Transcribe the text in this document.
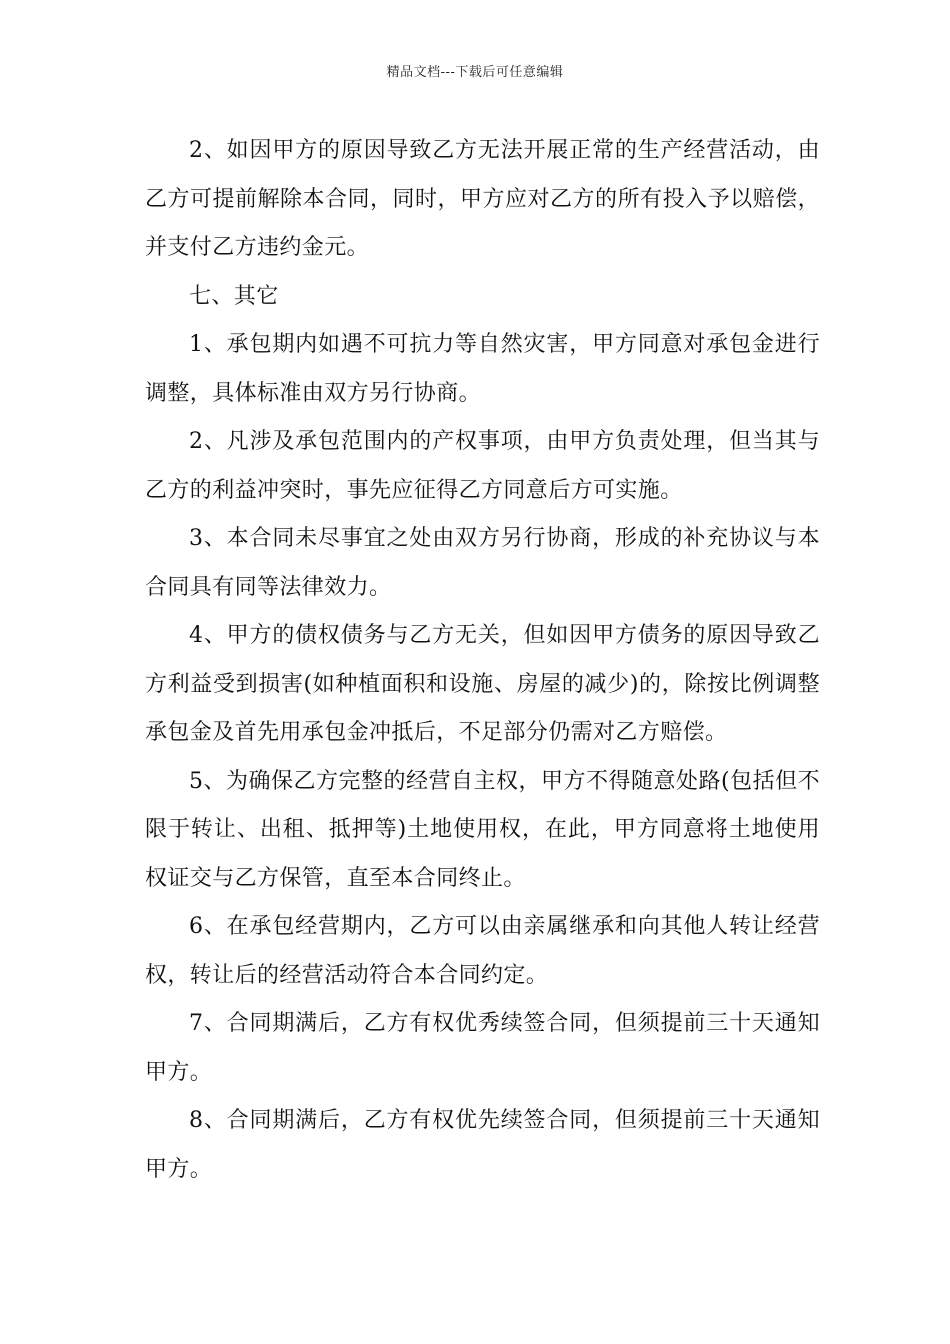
精品文档---下载后可任意编辑

2、如因甲方的原因导致乙方无法开展正常的生产经营活动，由乙方可提前解除本合同，同时，甲方应对乙方的所有投入予以赔偿，并支付乙方违约金元。

七、其它

1、承包期内如遇不可抗力等自然灾害，甲方同意对承包金进行调整，具体标准由双方另行协商。

2、凡涉及承包范围内的产权事项，由甲方负责处理，但当其与乙方的利益冲突时，事先应征得乙方同意后方可实施。

3、本合同未尽事宜之处由双方另行协商，形成的补充协议与本合同具有同等法律效力。

4、甲方的债权债务与乙方无关，但如因甲方债务的原因导致乙方利益受到损害(如种植面积和设施、房屋的减少)的，除按比例调整承包金及首先用承包金冲抵后，不足部分仍需对乙方赔偿。

5、为确保乙方完整的经营自主权，甲方不得随意处路(包括但不限于转让、出租、抵押等)土地使用权，在此，甲方同意将土地使用权证交与乙方保管，直至本合同终止。

6、在承包经营期内，乙方可以由亲属继承和向其他人转让经营权，转让后的经营活动符合本合同约定。

7、合同期满后，乙方有权优秀续签合同，但须提前三十天通知甲方。

8、合同期满后，乙方有权优先续签合同，但须提前三十天通知甲方。
